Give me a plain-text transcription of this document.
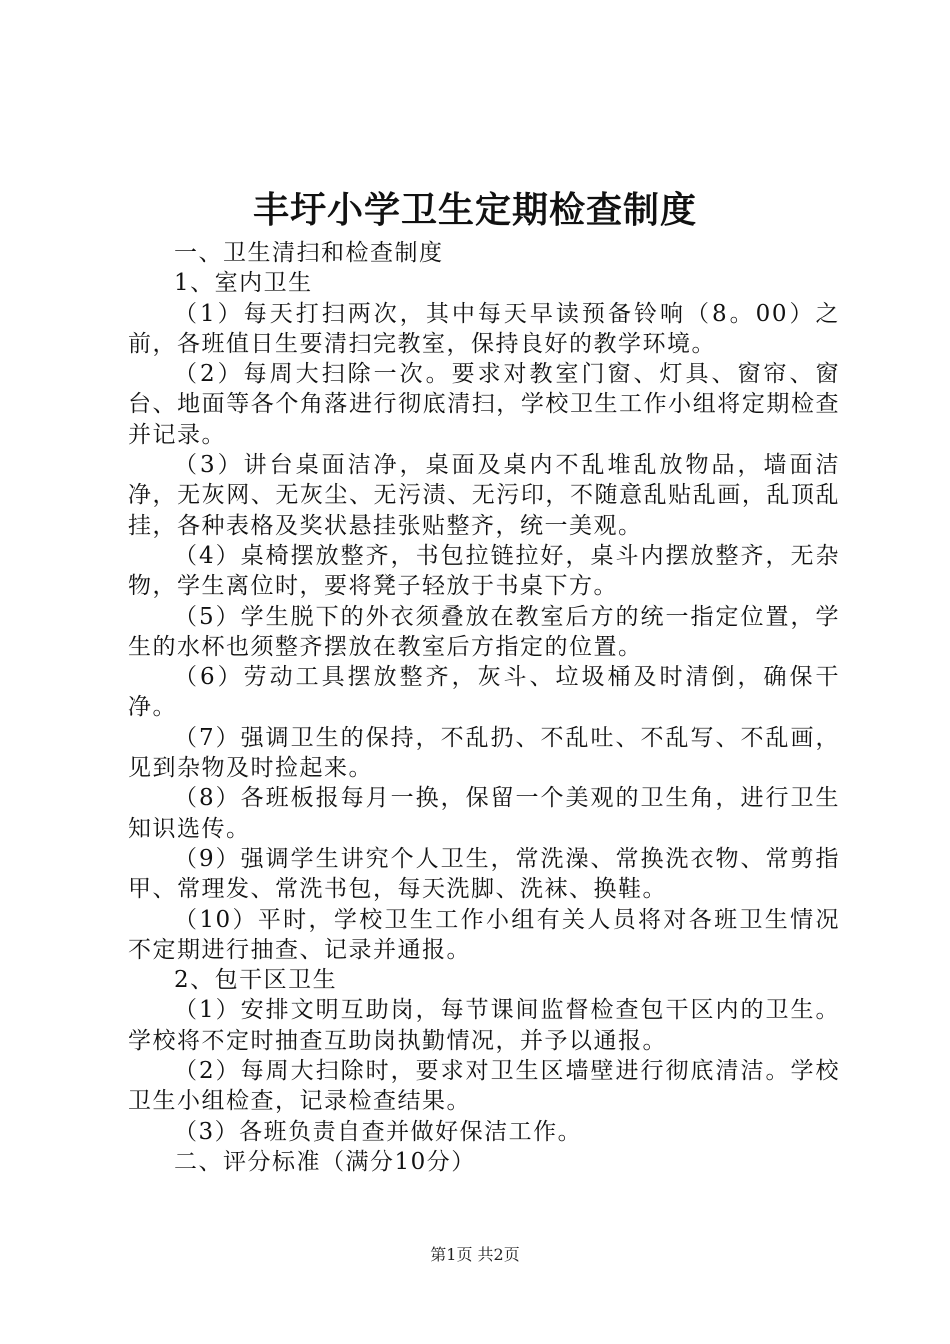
丰圩小学卫生定期检查制度

一、卫生清扫和检查制度

1、室内卫生

（1）每天打扫两次，其中每天早读预备铃响（8。00）之前，各班值日生要清扫完教室，保持良好的教学环境。

（2）每周大扫除一次。要求对教室门窗、灯具、窗帘、窗台、地面等各个角落进行彻底清扫，学校卫生工作小组将定期检查并记录。

（3）讲台桌面洁净，桌面及桌内不乱堆乱放物品，墙面洁净，无灰网、无灰尘、无污渍、无污印，不随意乱贴乱画，乱顶乱挂，各种表格及奖状悬挂张贴整齐，统一美观。

（4）桌椅摆放整齐，书包拉链拉好，桌斗内摆放整齐，无杂物，学生离位时，要将凳子轻放于书桌下方。

（5）学生脱下的外衣须叠放在教室后方的统一指定位置，学生的水杯也须整齐摆放在教室后方指定的位置。

（6）劳动工具摆放整齐，灰斗、垃圾桶及时清倒，确保干净。

（7）强调卫生的保持，不乱扔、不乱吐、不乱写、不乱画，见到杂物及时捡起来。

（8）各班板报每月一换，保留一个美观的卫生角，进行卫生知识选传。

（9）强调学生讲究个人卫生，常洗澡、常换洗衣物、常剪指甲、常理发、常洗书包，每天洗脚、洗袜、换鞋。

（10）平时，学校卫生工作小组有关人员将对各班卫生情况不定期进行抽查、记录并通报。

2、包干区卫生

（1）安排文明互助岗，每节课间监督检查包干区内的卫生。学校将不定时抽查互助岗执勤情况，并予以通报。

（2）每周大扫除时，要求对卫生区墙壁进行彻底清洁。学校卫生小组检查，记录检查结果。

（3）各班负责自查并做好保洁工作。

二、评分标准（满分10分）

第1页 共2页
